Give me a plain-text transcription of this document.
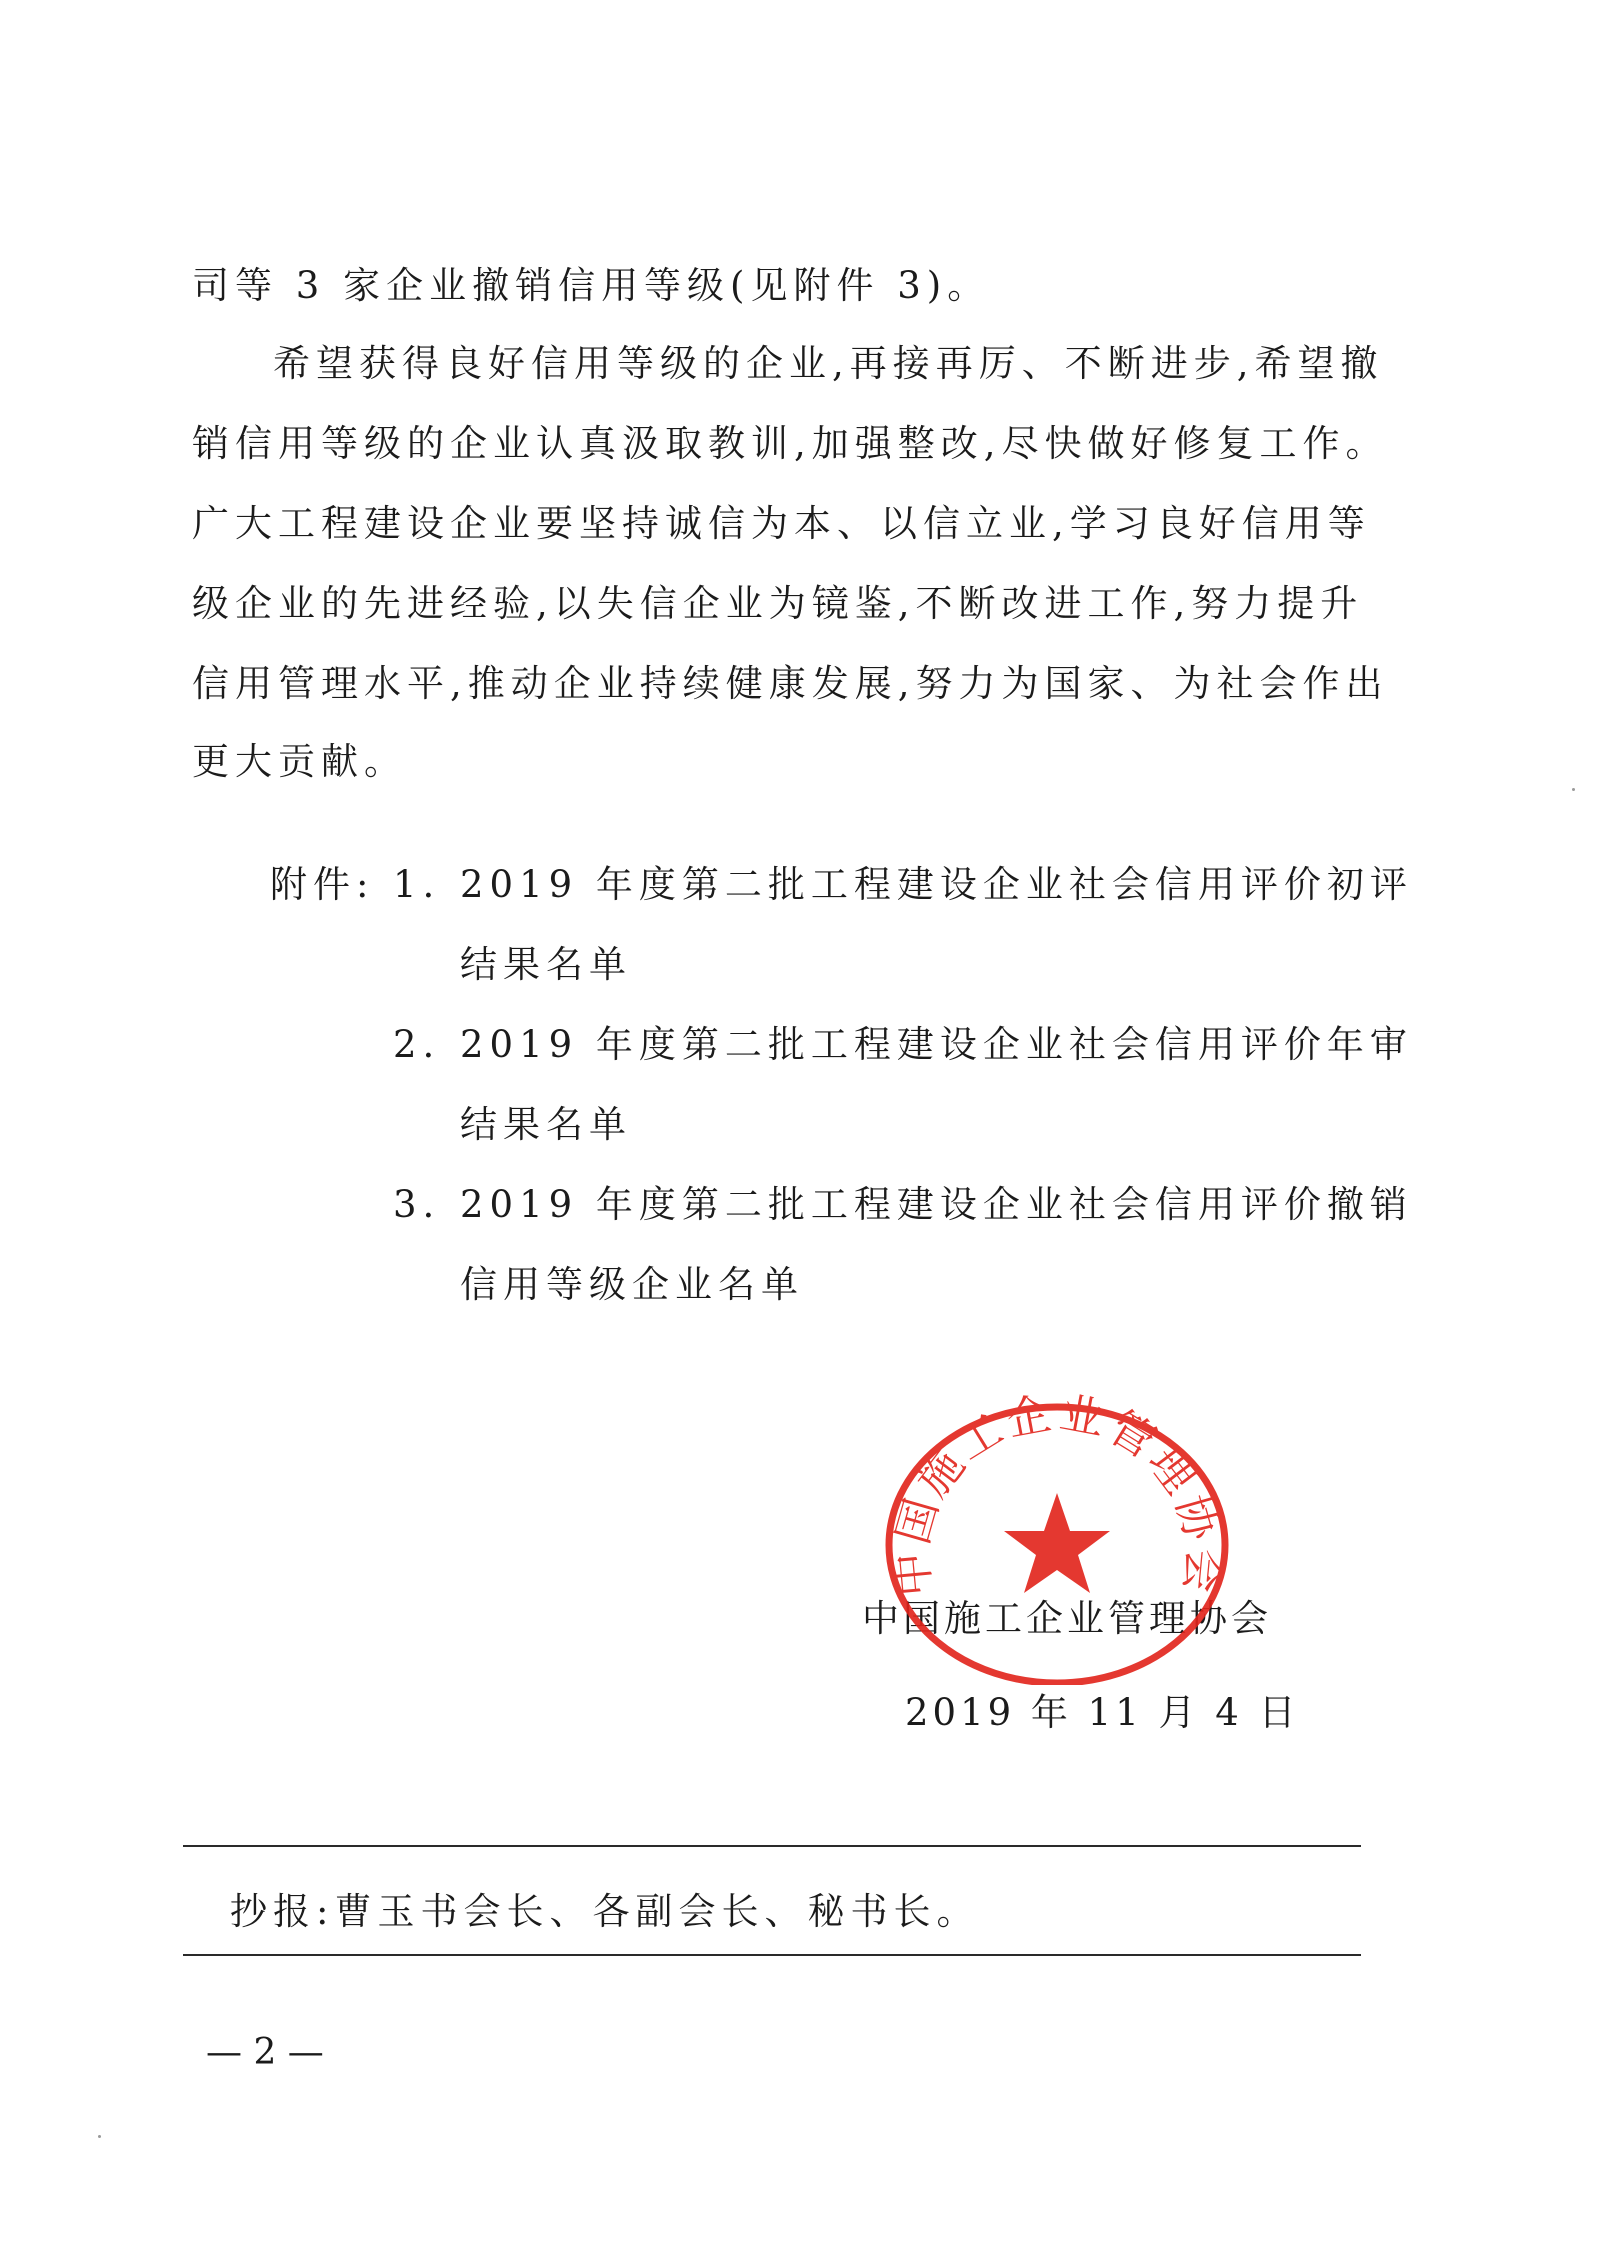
司等 3 家企业撤销信用等级(见附件 3)。
希望获得良好信用等级的企业,再接再厉、不断进步,希望撤
销信用等级的企业认真汲取教训,加强整改,尽快做好修复工作。
广大工程建设企业要坚持诚信为本、以信立业,学习良好信用等
级企业的先进经验,以失信企业为镜鉴,不断改进工作,努力提升
信用管理水平,推动企业持续健康发展,努力为国家、为社会作出
更大贡献。
附件: 1. 2019 年度第二批工程建设企业社会信用评价初评
结果名单
2. 2019 年度第二批工程建设企业社会信用评价年审
结果名单
3. 2019 年度第二批工程建设企业社会信用评价撤销
信用等级企业名单
中国施工企业管理协会
2019 年 11 月 4 日
中国施工企业管理协会
抄报:曹玉书会长、各副会长、秘书长。
— 2 —
